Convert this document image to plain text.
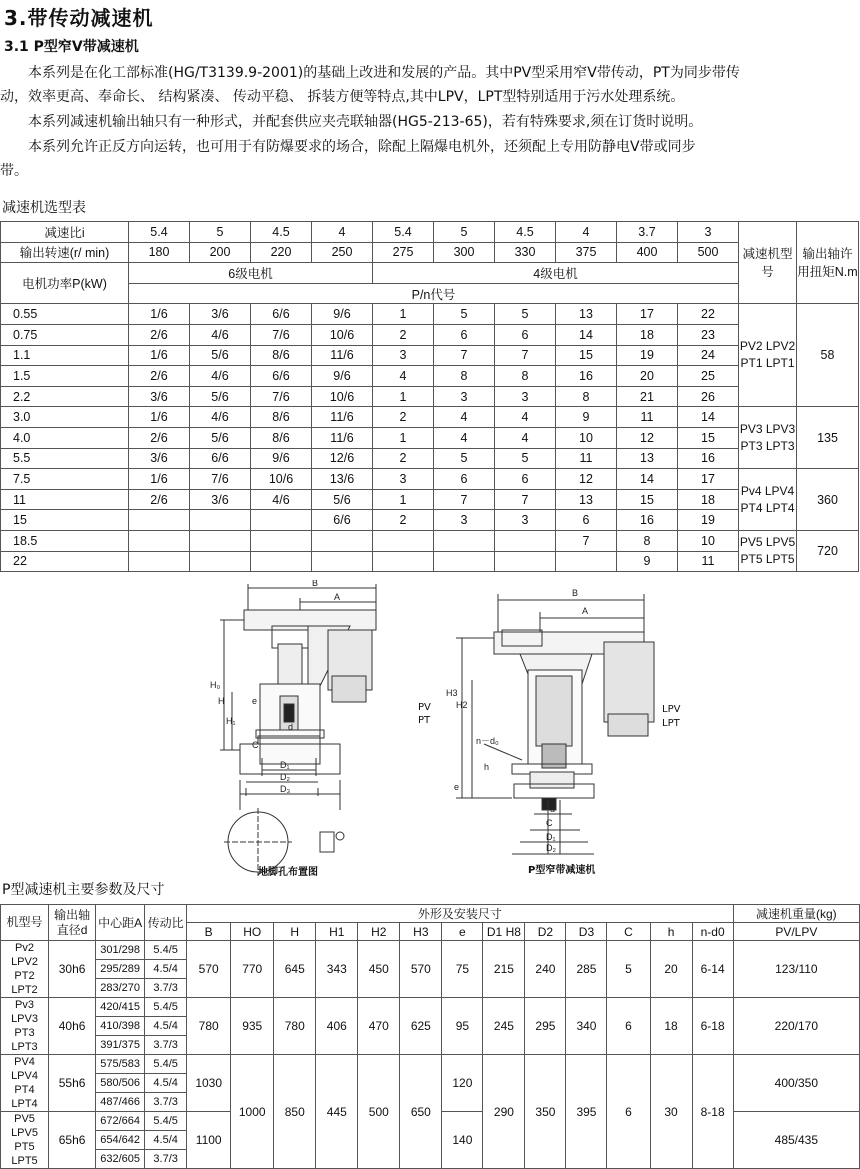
3.带传动减速机
3.1 P型窄V带减速机

　　本系列是在化工部标准(HG/T3139.9-2001)的基础上改进和发展的产品。其中PV型采用窄V带传动，PT为同步带传

动，效率更高、奉命长、 结构紧凑、 传动平稳、 拆装方便等特点,其中LPV，LPT型特别适用于污水处理系统。

　　本系列减速机输出轴只有一种形式，并配套供应夹壳联轴器(HG5-213-65)，若有特殊要求,须在订货时说明。

　　本系列允许正反方向运转，也可用于有防爆要求的场合，除配上隔爆电机外，还须配上专用防静电V带或同步

带。

减速机选型表
减速比i	5.4	5	4.5	4	5.4	5	4.5	4	3.7	3	减速机型号	输出轴许用扭矩N.m
输出转速(r/ min)	180	200	220	250	275	300	330	375	400	500		
电机功率P(kW)	6级电机				4级电机							
	P/n代号											
0.55	1/6	3/6	6/6	9/6	1	5	5	13	17	22	PV2 LPV2
PT1 LPT1	58
0.75	2/6	4/6	7/6	10/6	2	6	6	14	18	23		
1.1	1/6	5/6	8/6	11/6	3	7	7	15	19	24		
1.5	2/6	4/6	6/6	9/6	4	8	8	16	20	25		
2.2	3/6	5/6	7/6	10/6	1	3	3	8	21	26		
3.0	1/6	4/6	8/6	11/6	2	4	4	9	11	14	PV3 LPV3
PT3 LPT3	135
4.0	2/6	5/6	8/6	11/6	1	4	4	10	12	15		
5.5	3/6	6/6	9/6	12/6	2	5	5	11	13	16		
7.5	1/6	7/6	10/6	13/6	3	6	6	12	14	17	Pv4 LPV4
PT4 LPT4	360
11	2/6	3/6	4/6	5/6	1	7	7	13	15	18		
15				6/6	2	3	3	6	16	19		
18.5								7	8	10	PV5 LPV5
PT5 LPT5	720
22									9	11		
B
A
H₀
H
H₁
e
d
C
D₁
D₂
D₃
地脚孔布置图
PV
PT
B
A
H3
H2
n－d₀
h
e
d
C
D₁
D₂
LPV
LPT
P型窄带减速机
P型减速机主要参数及尺寸
机型号	输出轴直径d	中心距A	传动比	外形及安装尺寸													减速机重量(kg)
				B	HO	H	H1	H2	H3	e	D1 H8	D2	D3	C	h	n-d0	PV/LPV

Pv2 LPV2
PT2 LPT2	30h6	301/298	5.4/5	570	770	645	343	450	570	75	215	240	285	5	20	6-14	123/110
		295/289	4.5/4														
		283/270	3.7/3														

Pv3 LPV3
PT3 LPT3	40h6	420/415	5.4/5	780	935	780	406	470	625	95	245	295	340	6	18	6-18	220/170
		410/398	4.5/4														
		391/375	3.7/3														

PV4 LPV4
PT4 LPT4	55h6	575/583	5.4/5	1030	1000	850	445	500	650	120	290	350	395	6	30	8-18	400/350
		580/506	4.5/4														
		487/466	3.7/3														

PV5 LPV5
PT5 LPT5	65h6	672/664	5.4/5	1100						140							485/435
		654/642	4.5/4														
		632/605	3.7/3														
